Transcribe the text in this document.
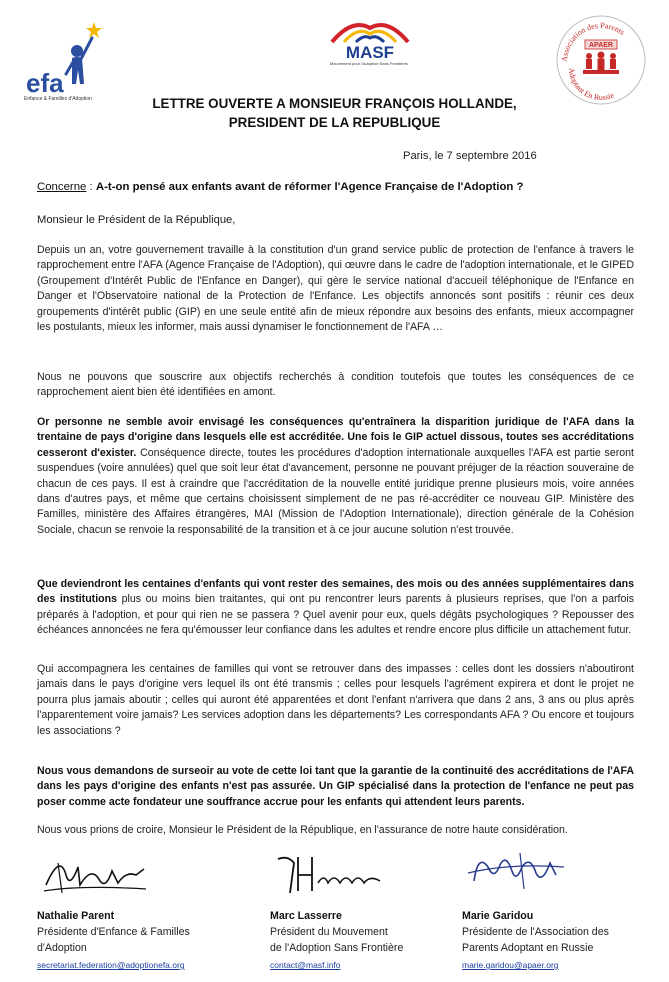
efa
Enfance & Familles d'Adoption
MASF
Mouvement pour l'Adoption Sans Frontières
Association des Parents
Adoptant En Russie
APAER
LETTRE OUVERTE A MONSIEUR FRANÇOIS HOLLANDE,
PRESIDENT DE LA REPUBLIQUE
Paris, le 7 septembre 2016
Concerne : A-t-on pensé aux enfants avant de réformer l'Agence Française de l'Adoption ?
Monsieur le Président de la République,
Depuis un an, votre gouvernement travaille à la constitution d'un grand service public de protection de l'enfance à travers le rapprochement entre l'AFA (Agence Française de l'Adoption), qui œuvre dans le cadre de l'adoption internationale, et le GIPED (Groupement d'Intérêt Public de l'Enfance en Danger), qui gère le service national d'accueil téléphonique de l'Enfance en Danger et l'Observatoire national de la Protection de l'Enfance. Les objectifs annoncés sont positifs : réunir ces deux groupements d'intérêt public (GIP) en une seule entité afin de mieux répondre aux besoins des enfants, mieux accompagner les postulants, mieux les informer, mais aussi dynamiser le fonctionnement de l'AFA …
Nous ne pouvons que souscrire aux objectifs recherchés à condition toutefois que toutes les conséquences de ce rapprochement aient bien été identifiées en amont.
Or personne ne semble avoir envisagé les conséquences qu'entraînera la disparition juridique de l'AFA dans la trentaine de pays d'origine dans lesquels elle est accréditée. Une fois le GIP actuel dissous, toutes ses accréditations cesseront d'exister. Conséquence directe, toutes les procédures d'adoption internationale auxquelles l'AFA est partie seront suspendues (voire annulées) quel que soit leur état d'avancement, personne ne pouvant préjuger de la réaction souveraine de chacun de ces pays. Il est à craindre que l'accréditation de la nouvelle entité juridique prenne plusieurs mois, voire années dans d'autres pays, et même que certains choisissent simplement de ne pas ré-accréditer ce nouveau GIP. Ministère des Familles, ministère des Affaires étrangères, MAI (Mission de l'Adoption Internationale), direction générale de la Cohésion Sociale, chacun se renvoie la responsabilité de la transition et à ce jour aucune solution n'est trouvée.
Que deviendront les centaines d'enfants qui vont rester des semaines, des mois ou des années supplémentaires dans des institutions plus ou moins bien traitantes, qui ont pu rencontrer leurs parents à plusieurs reprises, que l'on a parfois préparés à l'adoption, et pour qui rien ne se passera ? Quel avenir pour eux, quels dégâts psychologiques ? Repousser des échéances annoncées ne fera qu'émousser leur confiance dans les adultes et rendre encore plus difficile un attachement futur.
Qui accompagnera les centaines de familles qui vont se retrouver dans des impasses : celles dont les dossiers n'aboutiront jamais dans le pays d'origine vers lequel ils ont été transmis ; celles pour lesquels l'agrément expirera et dont le projet ne pourra plus jamais aboutir ; celles qui auront été apparentées et dont l'enfant n'arrivera que dans 2 ans, 3 ans ou plus après l'apparentement voire jamais? Les services adoption dans les départements? Les correspondants AFA ? Ou encore et toujours les associations ?
Nous vous demandons de surseoir au vote de cette loi tant que la garantie de la continuité des accréditations de l'AFA dans les pays d'origine des enfants n'est pas assurée. Un GIP spécialisé dans la protection de l'enfance ne peut pas poser comme acte fondateur une souffrance accrue pour les enfants qui attendent leurs parents.
Nous vous prions de croire, Monsieur le Président de la République, en l'assurance de notre haute considération.
Nathalie Parent
Présidente d'Enfance & Familles
d'Adoption
secretariat.federation@adoptionefa.org
Marc Lasserre
Président du Mouvement
de l'Adoption Sans Frontière
contact@masf.info
Marie Garidou
Présidente de l'Association des
Parents Adoptant en Russie
marie.garidou@apaer.org
